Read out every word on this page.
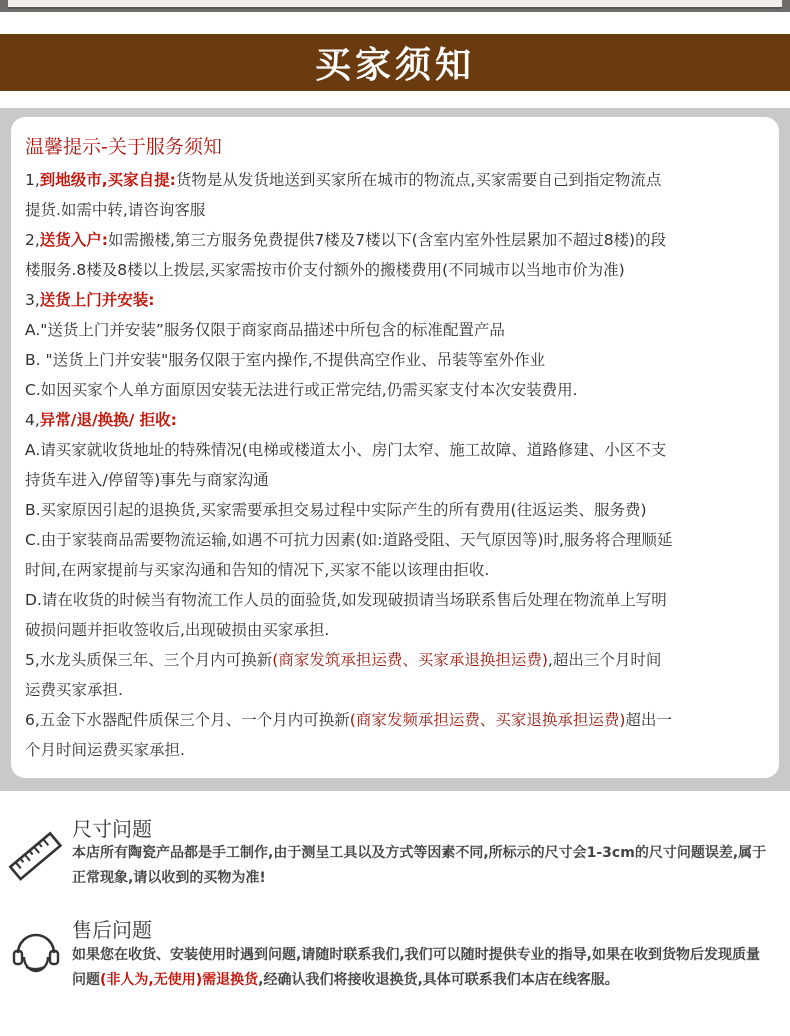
买家须知
温馨提示-关于服务须知
1,到地级市,买家自提:货物是从发货地送到买家所在城市的物流点,买家需要自己到指定物流点
提货.如需中转,请咨询客服
2,送货入户:如需搬楼,第三方服务免费提供7楼及7楼以下(含室内室外性层累加不超过8楼)的段
楼服务.8楼及8楼以上拨层,买家需按市价支付额外的搬楼费用(不同城市以当地市价为准)
3,送货上门并安装:
A."送货上门并安装”服务仅限于商家商品描述中所包含的标准配置产品
B. "送货上门并安装"服务仅限于室内操作,不提供高空作业、吊装等室外作业
C.如因买家个人单方面原因安装无法进行或正常完结,仍需买家支付本次安装费用.
4,异常/退/换换/ 拒收:
A.请买家就收货地址的特殊情况(电梯或楼道太小、房门太窄、施工故障、道路修建、小区不支
持货车进入/停留等)事先与商家沟通
B.买家原因引起的退换货,买家需要承担交易过程中实际产生的所有费用(往返运类、服务费)
C.由于家装商品需要物流运输,如遇不可抗力因素(如:道路受阻、天气原因等)时,服务将合理顺延
时间,在两家提前与买家沟通和告知的情况下,买家不能以该理由拒收.
D.请在收货的时候当有物流工作人员的面验货,如发现破损请当场联系售后处理在物流单上写明
破损问题并拒收签收后,出现破损由买家承担.
5,水龙头质保三年、三个月内可换新(商家发筑承担运费、买家承退换担运费),超出三个月时间
运费买家承担.
6,五金下水器配件质保三个月、一个月内可换新(商家发频承担运费、买家退换承担运费)超出一
个月时间运费买家承担.
尺寸问题
本店所有陶瓷产品都是手工制作,由于测呈工具以及方式等因素不同,所标示的尺寸会1-3cm的尺寸问题误差,属于正常现象,请以收到的买物为准!
售后问题
如果您在收货、安装使用时遇到问题,请随时联系我们,我们可以随时提供专业的指导,如果在收到货物后发现质量问题(非人为,无使用)需退换货,经确认我们将接收退换货,具体可联系我们本店在线客服。
